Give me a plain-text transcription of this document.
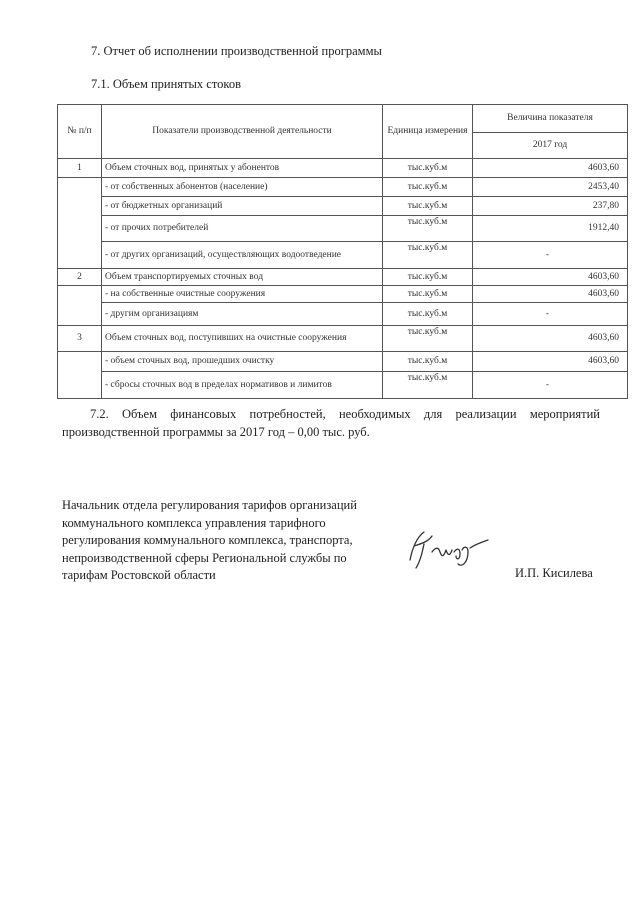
7. Отчет об исполнении производственной программы
7.1. Объем принятых стоков
№ п/п	Показатели производственной деятельности	Единица измерения	Величина показателя
			2017 год
1	Объем сточных вод, принятых у абонентов	тыс.куб.м	4603,60
	- от собственных абонентов (население)	тыс.куб.м	2453,40
	- от бюджетных организаций	тыс.куб.м	237,80
	- от прочих потребителей	тыс.куб.м	1912,40
	- от других организаций, осуществляющих водоотведение	тыс.куб.м	-
2	Объем транспортируемых сточных вод	тыс.куб.м	4603,60
	- на собственные очистные сооружения	тыс.куб.м	4603,60
	- другим организациям	тыс.куб.м	-
3	Объем сточных вод, поступивших на очистные сооружения	тыс.куб.м	4603,60
	- объем сточных вод, прошедших очистку	тыс.куб.м	4603,60
	- сбросы сточных вод в пределах нормативов и лимитов	тыс.куб.м	-
7.2. Объем финансовых потребностей, необходимых для реализации мероприятий производственной программы за 2017 год – 0,00 тыс. руб.
Начальник отдела регулирования тарифов организаций
коммунального комплекса управления тарифного
регулирования коммунального комплекса, транспорта,
непроизводственной сферы Региональной службы по
тарифам Ростовской области	И.П. Кисилева
